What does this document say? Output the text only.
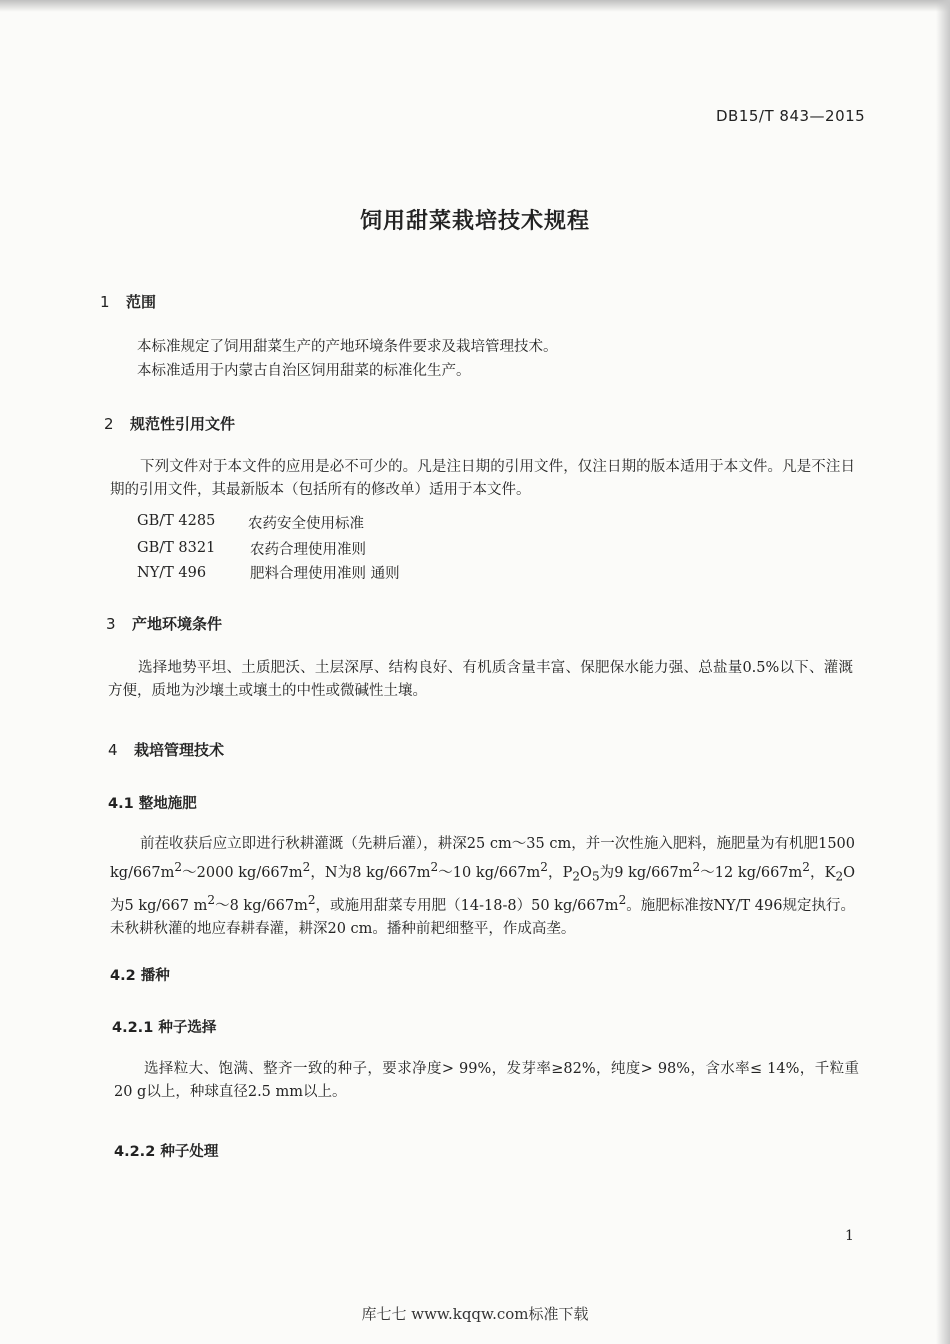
DB15/T 843—2015
饲用甜菜栽培技术规程
1 范围
本标准规定了饲用甜菜生产的产地环境条件要求及栽培管理技术。
本标准适用于内蒙古自治区饲用甜菜的标准化生产。
2 规范性引用文件
下列文件对于本文件的应用是必不可少的。凡是注日期的引用文件，仅注日期的版本适用于本文件。凡是不注日期的引用文件，其最新版本（包括所有的修改单）适用于本文件。
GB/T 4285 农药安全使用标准
GB/T 8321 农药合理使用准则
NY/T 496	肥料合理使用准则 通则
3 产地环境条件
选择地势平坦、土质肥沃、土层深厚、结构良好、有机质含量丰富、保肥保水能力强、总盐量0.5%以下、灌溉方便，质地为沙壤土或壤土的中性或微碱性土壤。
4 栽培管理技术
4.1 整地施肥
前茬收获后应立即进行秋耕灌溉（先耕后灌），耕深25 cm～35 cm，并一次性施入肥料，施肥量为有机肥1500 $kg/667m^2\sim 2000$ $kg/667m^2$，N为8 $kg/667m^2\sim 10$ $kg/667m^2$，$P_2O_5$为9 $kg/667m^2\sim 12$ $kg/667m^2$，$K_2O$为5 kg/667 $m^2\sim 8$ $kg/667m^2$，或施用甜菜专用肥（14-18-8）50 $kg/667m^2$。施肥标准按NY/T 496规定执行。未秋耕秋灌的地应春耕春灌，耕深20 cm。播种前耙细整平，作成高垄。
4.2 播种
4.2.1 种子选择
选择粒大、饱满、整齐一致的种子，要求净度> 99%，发芽率≥82%，纯度> 98%，含水率≤ 14%，千粒重20 g以上，种球直径2.5 mm以上。
4.2.2 种子处理
1
库七七 www.kqqw.com标准下载
